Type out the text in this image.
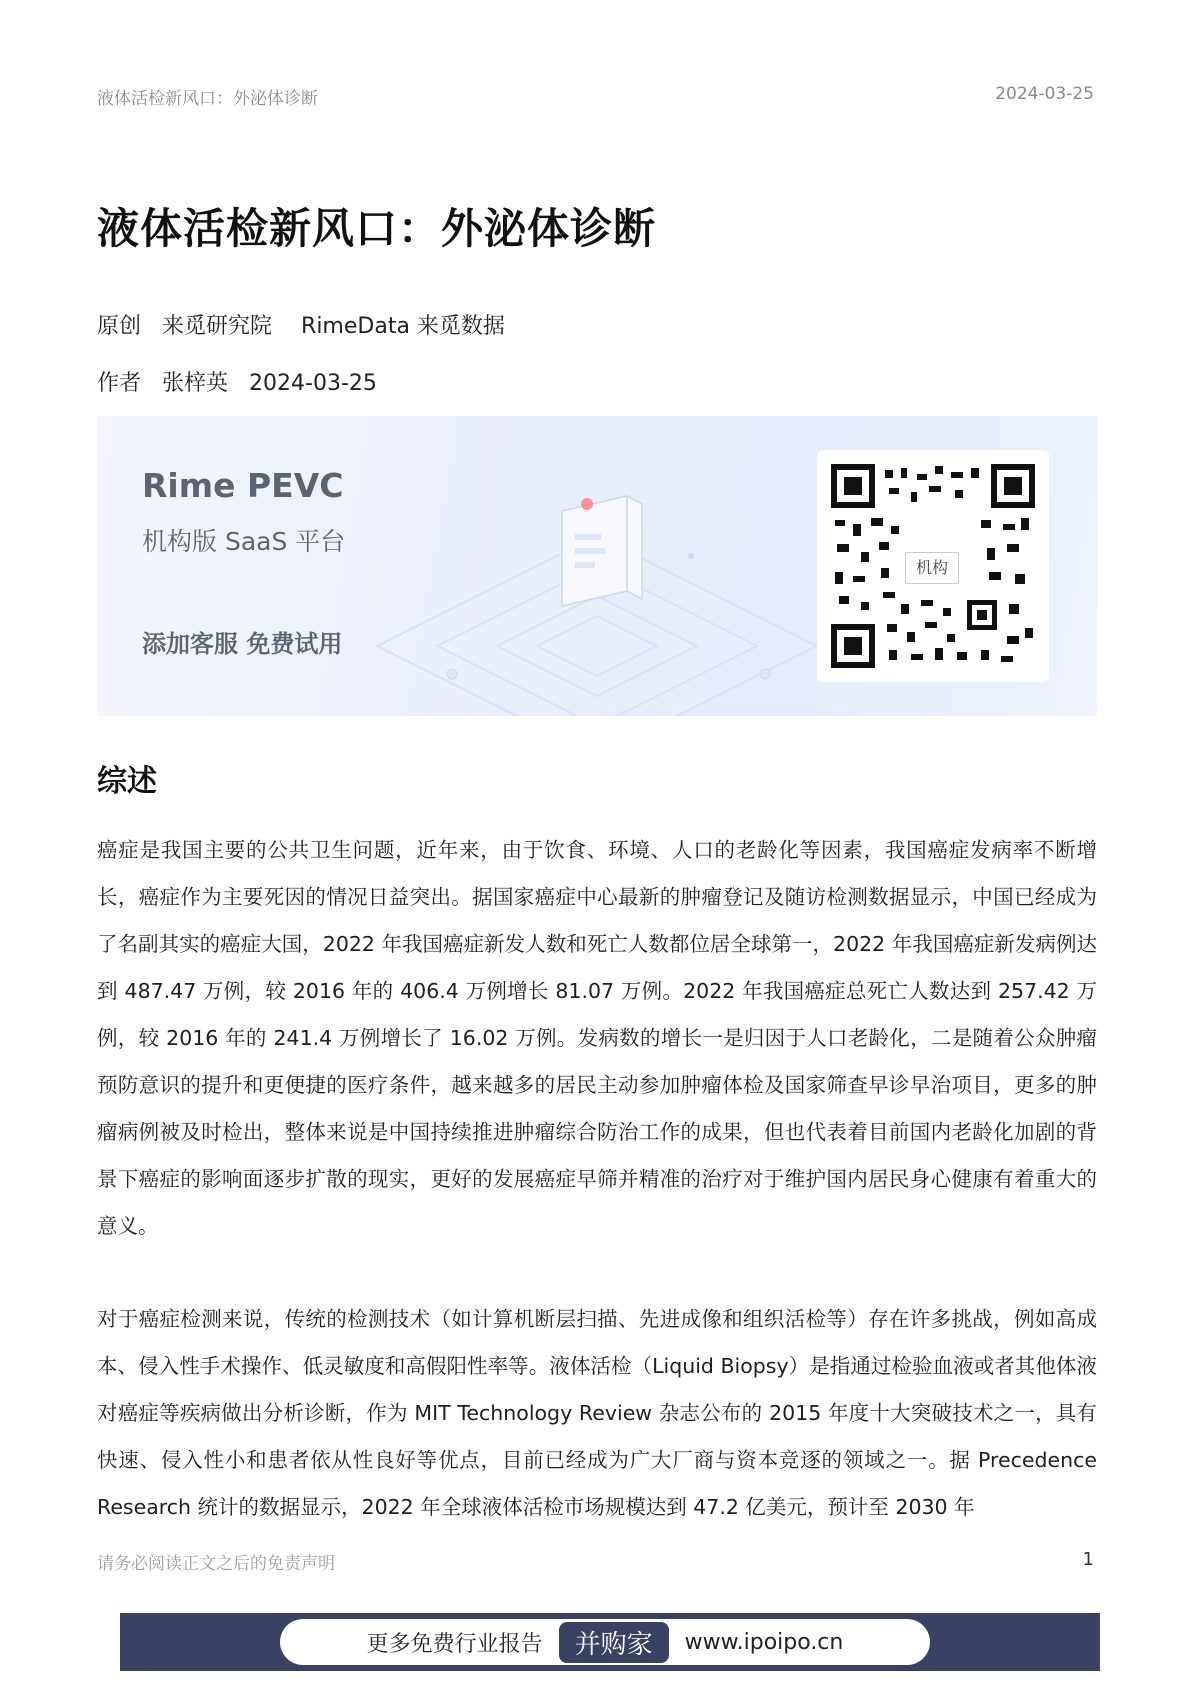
液体活检新风口：外泌体诊断	2024-03-25
液体活检新风口：外泌体诊断
原创 来觅研究院 RimeData 来觅数据
作者 张梓英 2024-03-25
Rime PEVC
机构版 SaaS 平台
添加客服 免费试用
机构
综述

癌症是我国主要的公共卫生问题，近年来，由于饮食、环境、人口的老龄化等因素，我国癌症发病率不断增长，癌症作为主要死因的情况日益突出。据国家癌症中心最新的肿瘤登记及随访检测数据显示，中国已经成为了名副其实的癌症大国，2022 年我国癌症新发人数和死亡人数都位居全球第一，2022 年我国癌症新发病例达到 487.47 万例，较 2016 年的 406.4 万例增长 81.07 万例。2022 年我国癌症总死亡人数达到 257.42 万例，较 2016 年的 241.4 万例增长了 16.02 万例。发病数的增长一是归因于人口老龄化，二是随着公众肿瘤预防意识的提升和更便捷的医疗条件，越来越多的居民主动参加肿瘤体检及国家筛查早诊早治项目，更多的肿瘤病例被及时检出，整体来说是中国持续推进肿瘤综合防治工作的成果，但也代表着目前国内老龄化加剧的背景下癌症的影响面逐步扩散的现实，更好的发展癌症早筛并精准的治疗对于维护国内居民身心健康有着重大的意义。

对于癌症检测来说，传统的检测技术（如计算机断层扫描、先进成像和组织活检等）存在许多挑战，例如高成本、侵入性手术操作、低灵敏度和高假阳性率等。液体活检（Liquid Biopsy）是指通过检验血液或者其他体液对癌症等疾病做出分析诊断，作为 MIT Technology Review 杂志公布的 2015 年度十大突破技术之一，具有快速、侵入性小和患者依从性良好等优点，目前已经成为广大厂商与资本竞逐的领域之一。据 Precedence Research 统计的数据显示，2022 年全球液体活检市场规模达到 47.2 亿美元，预计至 2030 年

请务必阅读正文之后的免责声明	1
更多免费行业报告	并购家	www.ipoipo.cn
